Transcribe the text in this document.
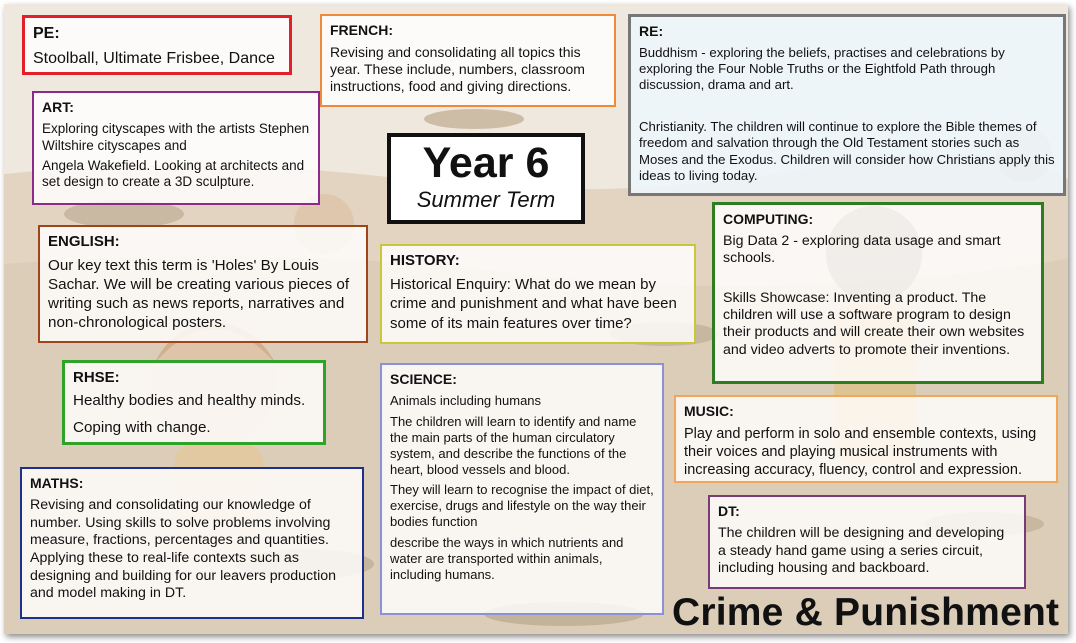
PE:

Stoolball, Ultimate Frisbee, Dance

FRENCH:

Revising and consolidating all topics this year. These include, numbers, classroom instructions, food and giving directions.

RE:

Buddhism - exploring the beliefs, practises and celebrations by exploring the Four Noble Truths or the Eightfold Path through discussion, drama and art.

Christianity. The children will continue to explore the Bible themes of freedom and salvation through the Old Testament stories such as Moses and the Exodus. Children will consider how Christians apply this ideas to living today.

ART:

Exploring cityscapes with the artists Stephen Wiltshire cityscapes and

Angela Wakefield. Looking at architects and set design to create a 3D sculpture.	Year 6
Summer Term
COMPUTING:

Big Data 2 - exploring data usage and smart schools.

Skills Showcase: Inventing a product. The children will use a software program to design their products and will create their own websites and video adverts to promote their inventions.

ENGLISH:

Our key text this term is 'Holes' By Louis Sachar. We will be creating various pieces of writing such as news reports, narratives and non-chronological posters.

HISTORY:

Historical Enquiry: What do we mean by crime and punishment and what have been some of its main features over time?

RHSE:

Healthy bodies and healthy minds.

Coping with change.

SCIENCE:

Animals including humans

The children will learn to identify and name the main parts of the human circulatory system, and describe the functions of the heart, blood vessels and blood.

They will learn to recognise the impact of diet, exercise, drugs and lifestyle on the way their bodies function

describe the ways in which nutrients and water are transported within animals, including humans.

MUSIC:

Play and perform in solo and ensemble contexts, using their voices and playing musical instruments with increasing accuracy, fluency, control and expression.

MATHS:

Revising and consolidating our knowledge of number. Using skills to solve problems involving measure, fractions, percentages and quantities. Applying these to real-life contexts such as designing and building for our leavers production and model making in DT.

DT:

The children will be designing and developing a steady hand game using a series circuit, including housing and backboard.

Crime & Punishment
